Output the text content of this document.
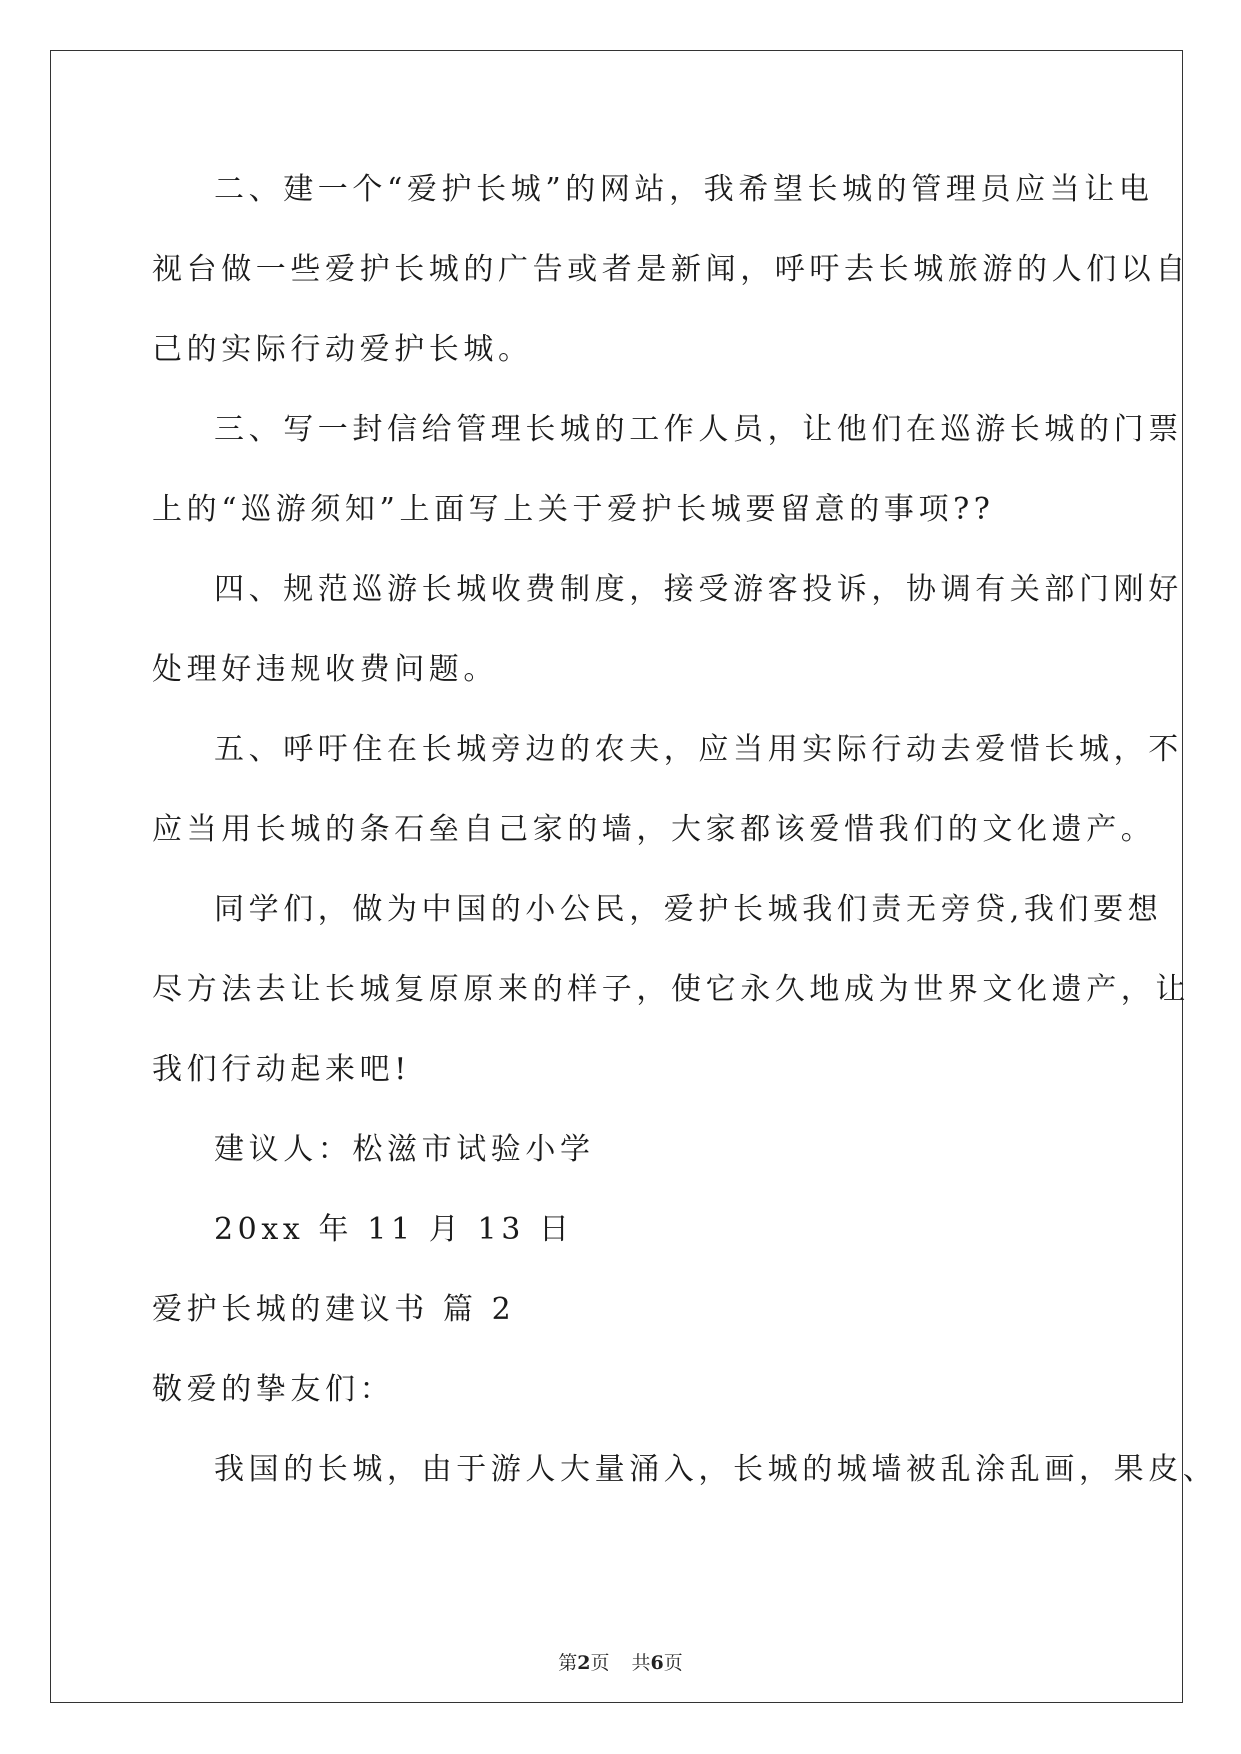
二、建一个“爱护长城”的网站，我希望长城的管理员应当让电
视台做一些爱护长城的广告或者是新闻，呼吁去长城旅游的人们以自
己的实际行动爱护长城。
三、写一封信给管理长城的工作人员，让他们在巡游长城的门票
上的“巡游须知”上面写上关于爱护长城要留意的事项??
四、规范巡游长城收费制度，接受游客投诉，协调有关部门刚好
处理好违规收费问题。
五、呼吁住在长城旁边的农夫，应当用实际行动去爱惜长城，不
应当用长城的条石垒自己家的墙，大家都该爱惜我们的文化遗产。
同学们，做为中国的小公民，爱护长城我们责无旁贷,我们要想
尽方法去让长城复原原来的样子，使它永久地成为世界文化遗产，让
我们行动起来吧!
建议人：松滋市试验小学
20xx 年 11 月 13 日
爱护长城的建议书 篇 2
敬爱的挚友们：
我国的长城，由于游人大量涌入，长城的城墙被乱涂乱画，果皮、
第2页 共6页
